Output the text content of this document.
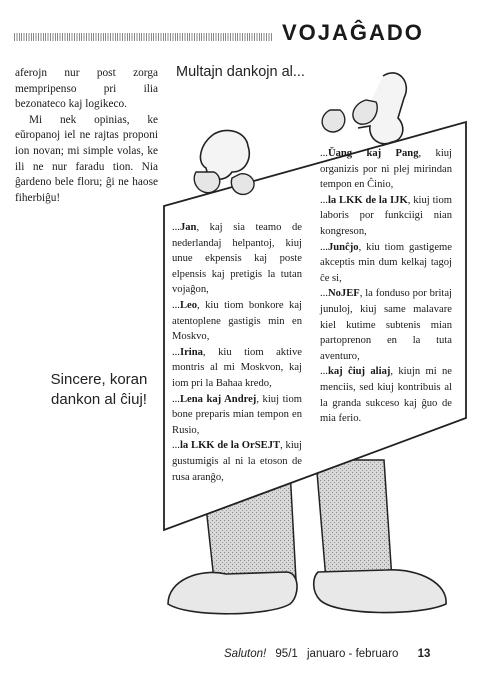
VOJAĜADO

aferojn nur post zorga mempripenso pri ilia bezonateco kaj logikeco.

Mi nek opinias, ke eŭropanoj iel ne rajtas proponi ion novan; mi simple volas, ke ili ne nur faradu tion. Nia ĝardeno bele floru; ĝi ne haose fiherbiĝu!

Multajn dankojn al...
Sincere, koran dankon al ĉiuj!

...Jan, kaj sia teamo de nederlandaj helpantoj, kiuj unue ekpensis kaj poste elpensis kaj pretigis la tutan vojaĝon,

...Leo, kiu tiom bonkore kaj atentoplene gastigis min en Moskvo,

...Irina, kiu tiom aktive montris al mi Moskvon, kaj iom pri la Bahaa kredo,

...Lena kaj Andrej, kiuj tiom bone preparis mian tempon en Rusio,

...la LKK de la OrSEJT, kiuj gustumigis al ni la etoson de rusa aranĝo,

...Ŭang kaj Pang, kiuj organizis por ni plej mirindan tempon en Ĉinio,

...la LKK de la IJK, kiuj tiom laboris por funkciigi nian kongreson,

...Junĉjo, kiu tiom gastigeme akceptis min dum kelkaj tagoj ĉe si,

...NoJEF, la fonduso por britaj junuloj, kiuj same malavare kiel kutime subtenis mian partoprenon en la tuta aventuro,

...kaj ĉiuj aliaj, kiujn mi ne menciis, sed kiuj kontribuis al la granda sukceso kaj ĝuo de mia ferio.

Saluton! 95/1 januaro - februaro 13
